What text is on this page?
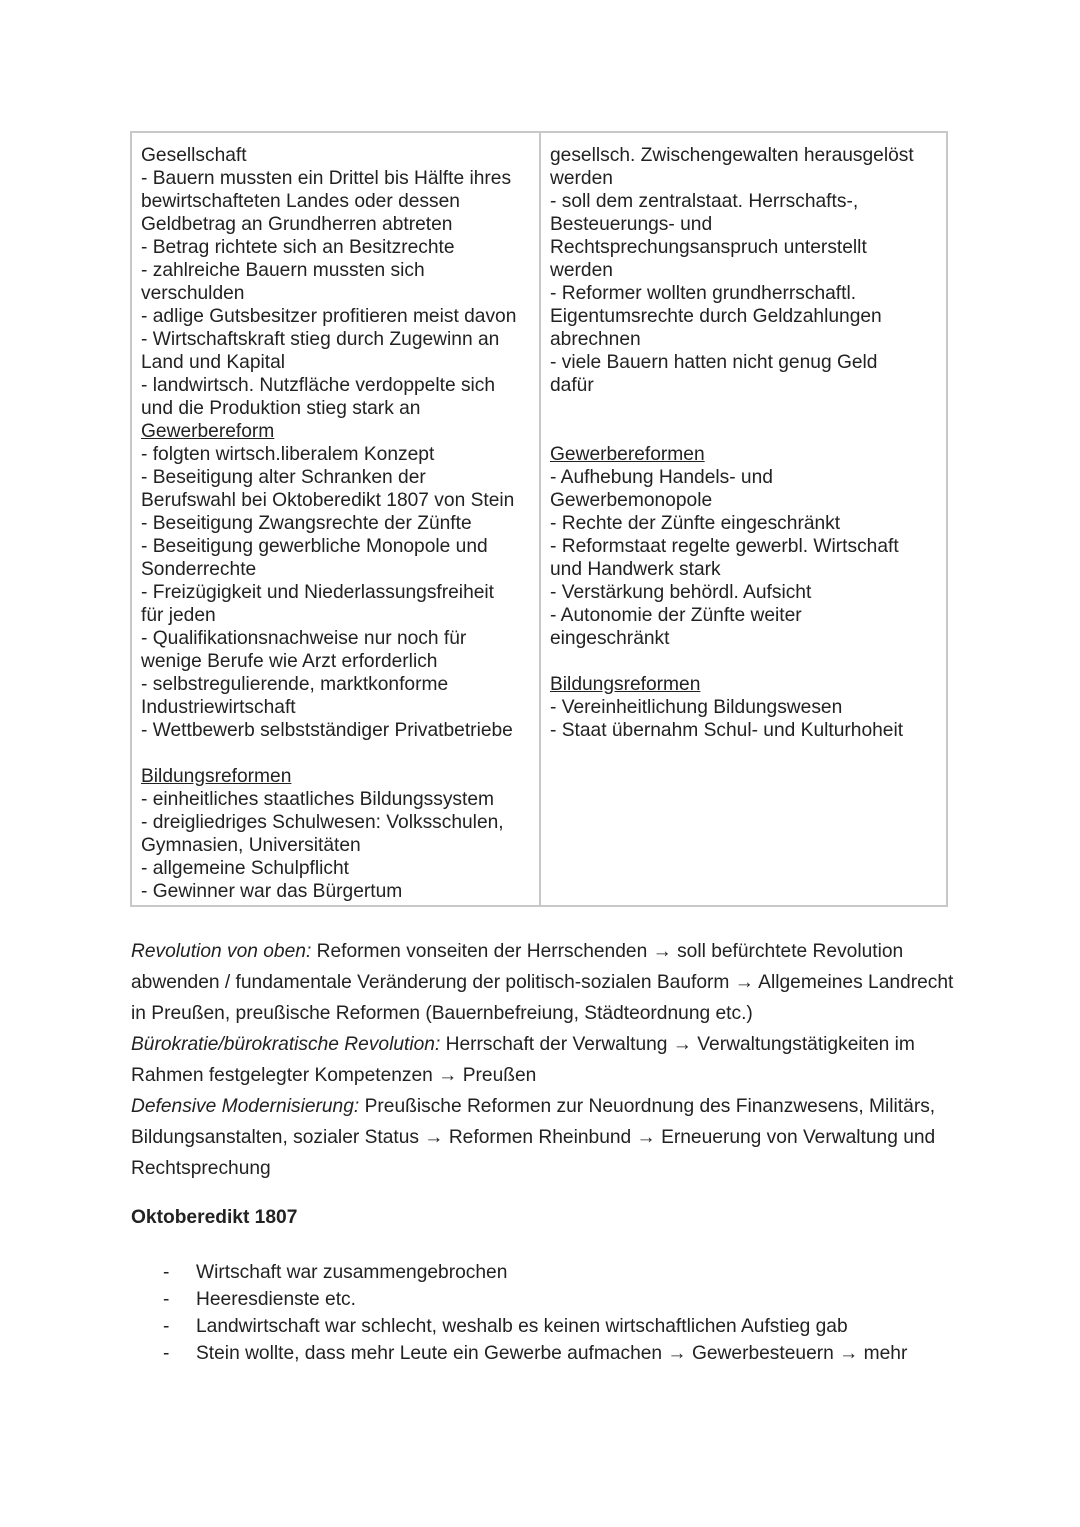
Gesellschaft
- Bauern mussten ein Drittel bis Hälfte ihres
bewirtschafteten Landes oder dessen
Geldbetrag an Grundherren abtreten
- Betrag richtete sich an Besitzrechte
- zahlreiche Bauern mussten sich
verschulden
- adlige Gutsbesitzer profitieren meist davon
- Wirtschaftskraft stieg durch Zugewinn an
Land und Kapital
- landwirtsch. Nutzfläche verdoppelte sich
und die Produktion stieg stark an
Gewerbereform
- folgten wirtsch.liberalem Konzept
- Beseitigung alter Schranken der
Berufswahl bei Oktoberedikt 1807 von Stein
- Beseitigung Zwangsrechte der Zünfte
- Beseitigung gewerbliche Monopole und
Sonderrechte
- Freizügigkeit und Niederlassungsfreiheit
für jeden
- Qualifikationsnachweise nur noch für
wenige Berufe wie Arzt erforderlich
- selbstregulierende, marktkonforme
Industriewirtschaft
- Wettbewerb selbstständiger Privatbetriebe
Bildungsreformen
- einheitliches staatliches Bildungssystem
- dreigliedriges Schulwesen: Volksschulen,
Gymnasien, Universitäten
- allgemeine Schulpflicht
- Gewinner war das Bürgertum
gesellsch. Zwischengewalten herausgelöst
werden
- soll dem zentralstaat. Herrschafts-,
Besteuerungs- und
Rechtsprechungsanspruch unterstellt
werden
- Reformer wollten grundherrschaftl.
Eigentumsrechte durch Geldzahlungen
abrechnen
- viele Bauern hatten nicht genug Geld
dafür
Gewerbereformen
- Aufhebung Handels- und
Gewerbemonopole
- Rechte der Zünfte eingeschränkt
- Reformstaat regelte gewerbl. Wirtschaft
und Handwerk stark
- Verstärkung behördl. Aufsicht
- Autonomie der Zünfte weiter
eingeschränkt
Bildungsreformen
- Vereinheitlichung Bildungswesen
- Staat übernahm Schul- und Kulturhoheit

Revolution von oben: Reformen vonseiten der Herrschenden → soll befürchtete Revolution abwenden / fundamentale Veränderung der politisch-sozialen Bauform → Allgemeines Landrecht in Preußen, preußische Reformen (Bauernbefreiung, Städteordnung etc.)

Bürokratie/bürokratische Revolution: Herrschaft der Verwaltung → Verwaltungstätigkeiten im Rahmen festgelegter Kompetenzen → Preußen

Defensive Modernisierung: Preußische Reformen zur Neuordnung des Finanzwesens, Militärs, Bildungsanstalten, sozialer Status → Reformen Rheinbund → Erneuerung von Verwaltung und Rechtsprechung

Oktoberedikt 1807
- Wirtschaft war zusammengebrochen
- Heeresdienste etc.
- Landwirtschaft war schlecht, weshalb es keinen wirtschaftlichen Aufstieg gab
- Stein wollte, dass mehr Leute ein Gewerbe aufmachen → Gewerbesteuern → mehr
